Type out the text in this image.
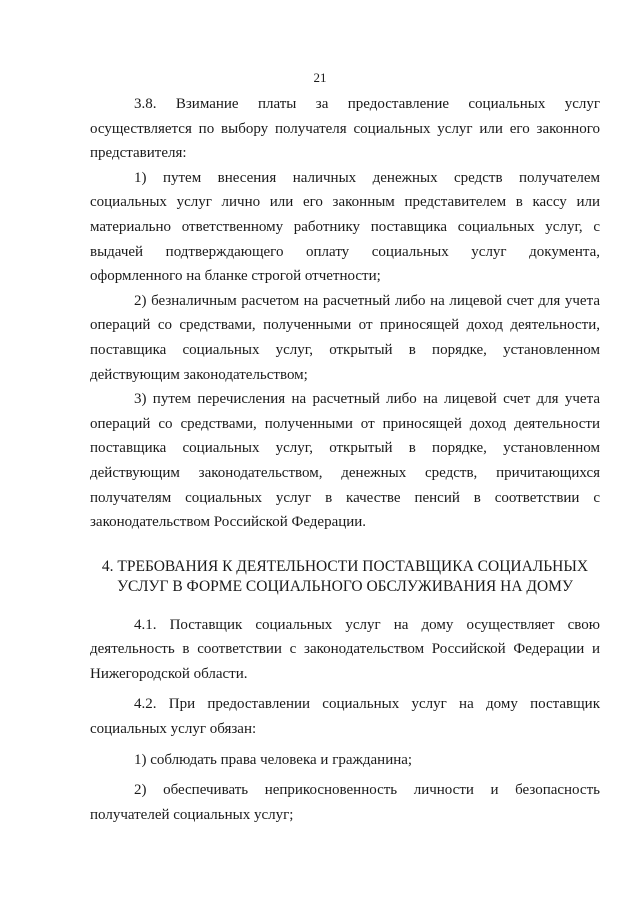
21

3.8. Взимание платы за предоставление социальных услуг осуществляется по выбору получателя социальных услуг или его законного представителя:

1) путем внесения наличных денежных средств получателем социальных услуг лично или его законным представителем в кассу или материально ответственному работнику поставщика социальных услуг, с выдачей подтверждающего оплату социальных услуг документа, оформленного на бланке строгой отчетности;

2) безналичным расчетом на расчетный либо на лицевой счет для учета операций со средствами, полученными от приносящей доход деятельности, поставщика социальных услуг, открытый в порядке, установленном действующим законодательством;

3) путем перечисления на расчетный либо на лицевой счет для учета операций со средствами, полученными от приносящей доход деятельности поставщика социальных услуг, открытый в порядке, установленном действующим законодательством, денежных средств, причитающихся получателям социальных услуг в качестве пенсий в соответствии с законодательством Российской Федерации.

4. ТРЕБОВАНИЯ К ДЕЯТЕЛЬНОСТИ ПОСТАВЩИКА СОЦИАЛЬНЫХ
УСЛУГ В ФОРМЕ СОЦИАЛЬНОГО ОБСЛУЖИВАНИЯ НА ДОМУ

4.1. Поставщик социальных услуг на дому осуществляет свою деятельность в соответствии с законодательством Российской Федерации и Нижегородской области.

4.2. При предоставлении социальных услуг на дому поставщик социальных услуг обязан:

1) соблюдать права человека и гражданина;

2) обеспечивать неприкосновенность личности и безопасность получателей социальных услуг;
